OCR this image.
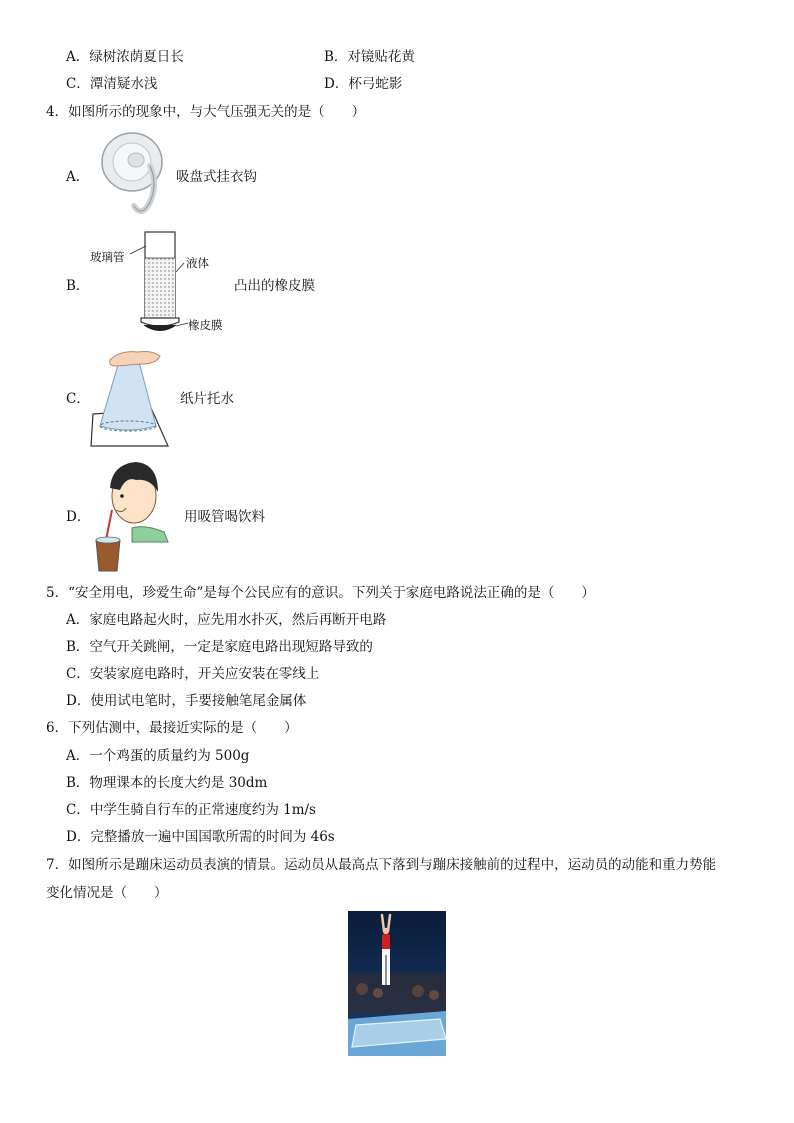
A．绿树浓荫夏日长	B．对镜贴花黄
C．潭清疑水浅	D．杯弓蛇影
4．如图所示的现象中，与大气压强无关的是（　　）
A．	吸盘式挂衣钩
B．
玻璃管	液体
橡皮膜
凸出的橡皮膜
C．	纸片托水
D．	用吸管喝饮料
5．“安全用电，珍爱生命”是每个公民应有的意识。下列关于家庭电路说法正确的是（　　）
A．家庭电路起火时，应先用水扑灭，然后再断开电路
B．空气开关跳闸，一定是家庭电路出现短路导致的
C．安装家庭电路时，开关应安装在零线上
D．使用试电笔时，手要接触笔尾金属体
6．下列估测中，最接近实际的是（　　）
A．一个鸡蛋的质量约为 500g
B．物理课本的长度大约是 30dm
C．中学生骑自行车的正常速度约为 1m/s
D．完整播放一遍中国国歌所需的时间为 46s
7．如图所示是蹦床运动员表演的情景。运动员从最高点下落到与蹦床接触前的过程中，运动员的动能和重力势能
变化情况是（　　）
